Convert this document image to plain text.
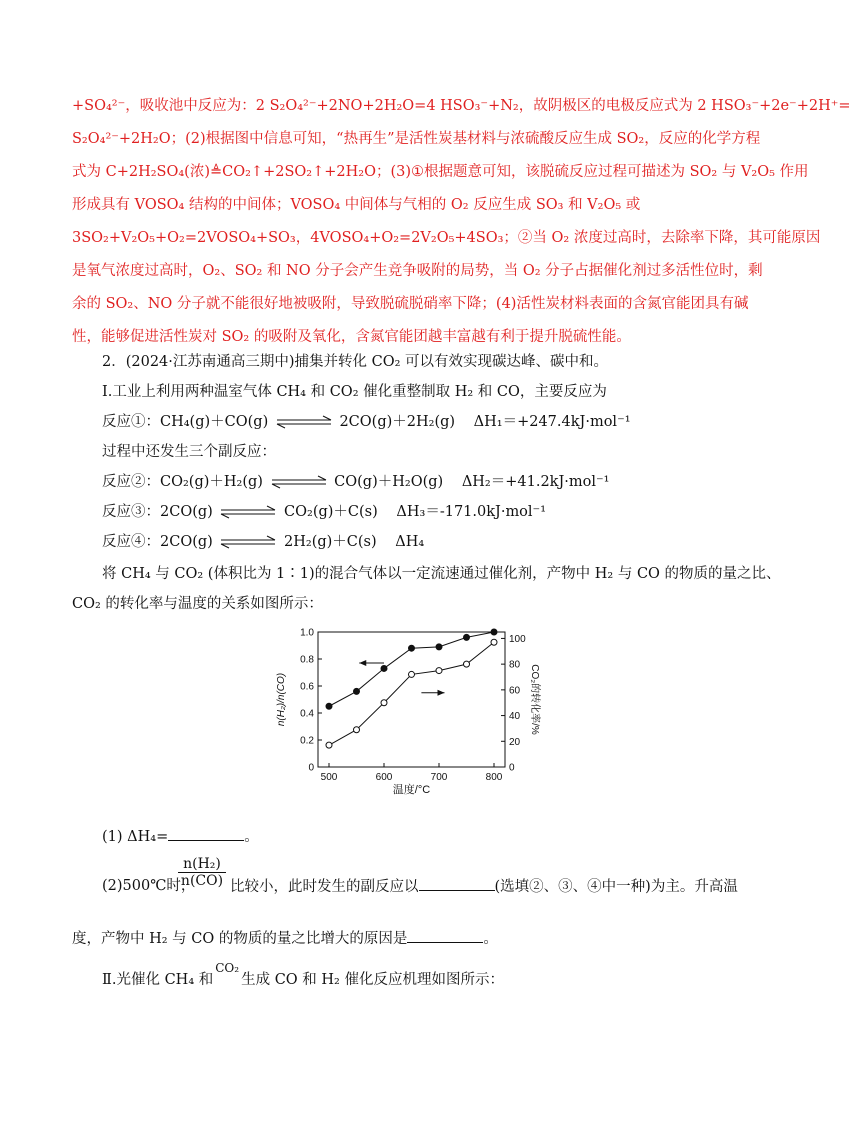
+SO₄²⁻，吸收池中反应为：2 S₂O₄²⁻+2NO+2H₂O=4 HSO₃⁻+N₂，故阴极区的电极反应式为 2 HSO₃⁻+2e⁻+2H⁺=
S₂O₄²⁻+2H₂O；(2)根据图中信息可知，“热再生”是活性炭基材料与浓硫酸反应生成 SO₂，反应的化学方程
式为 C+2H₂SO₄(浓)≜CO₂↑+2SO₂↑+2H₂O；(3)①根据题意可知，该脱硫反应过程可描述为 SO₂ 与 V₂O₅ 作用
形成具有 VOSO₄ 结构的中间体；VOSO₄ 中间体与气相的 O₂ 反应生成 SO₃ 和 V₂O₅ 或
3SO₂+V₂O₅+O₂=2VOSO₄+SO₃，4VOSO₄+O₂=2V₂O₅+4SO₃；②当 O₂ 浓度过高时，去除率下降，其可能原因
是氧气浓度过高时，O₂、SO₂ 和 NO 分子会产生竞争吸附的局势，当 O₂ 分子占据催化剂过多活性位时，剩
余的 SO₂、NO 分子就不能很好地被吸附，导致脱硫脱硝率下降；(4)活性炭材料表面的含氮官能团具有碱
性，能够促进活性炭对 SO₂ 的吸附及氧化，含氮官能团越丰富越有利于提升脱硫性能。
2．(2024·江苏南通高三期中)捕集并转化 CO₂ 可以有效实现碳达峰、碳中和。
Ⅰ.工业上利用两种温室气体 CH₄ 和 CO₂ 催化重整制取 H₂ 和 CO，主要反应为
反应①：CH₄(g)＋CO(g) ⇌ 2CO(g)＋2H₂(g) ΔH₁＝+247.4kJ·mol⁻¹
过程中还发生三个副反应：
反应②：CO₂(g)＋H₂(g) ⇌ CO(g)＋H₂O(g) ΔH₂＝+41.2kJ·mol⁻¹
反应③：2CO(g) ⇌ CO₂(g)＋C(s) ΔH₃＝-171.0kJ·mol⁻¹
反应④：2CO(g) ⇌ 2H₂(g)＋C(s) ΔH₄
将 CH₄ 与 CO₂ (体积比为 1∶1)的混合气体以一定流速通过催化剂，产物中 H₂ 与 CO 的物质的量之比、
CO₂ 的转化率与温度的关系如图所示：
500	600	700	800
0
0.2
0.4
0.6
0.8
1.0
0
20
40
60
80
100
温度/°C
n(H₂)/n(CO)	CO₂的转化率/%
(1) ΔH₄=	。
(2)500℃时，
$\frac{\text{n(H₂)}}{n(CO)}$ 比较小，此时发生的副反应以	(选填②、③、④中一种)为主。升高温
度，产物中 H₂ 与 CO 的物质的量之比增大的原因是	。
Ⅱ.光催化 CH₄ 和$^{CO_2}$生成 CO 和 H₂ 催化反应机理如图所示：
